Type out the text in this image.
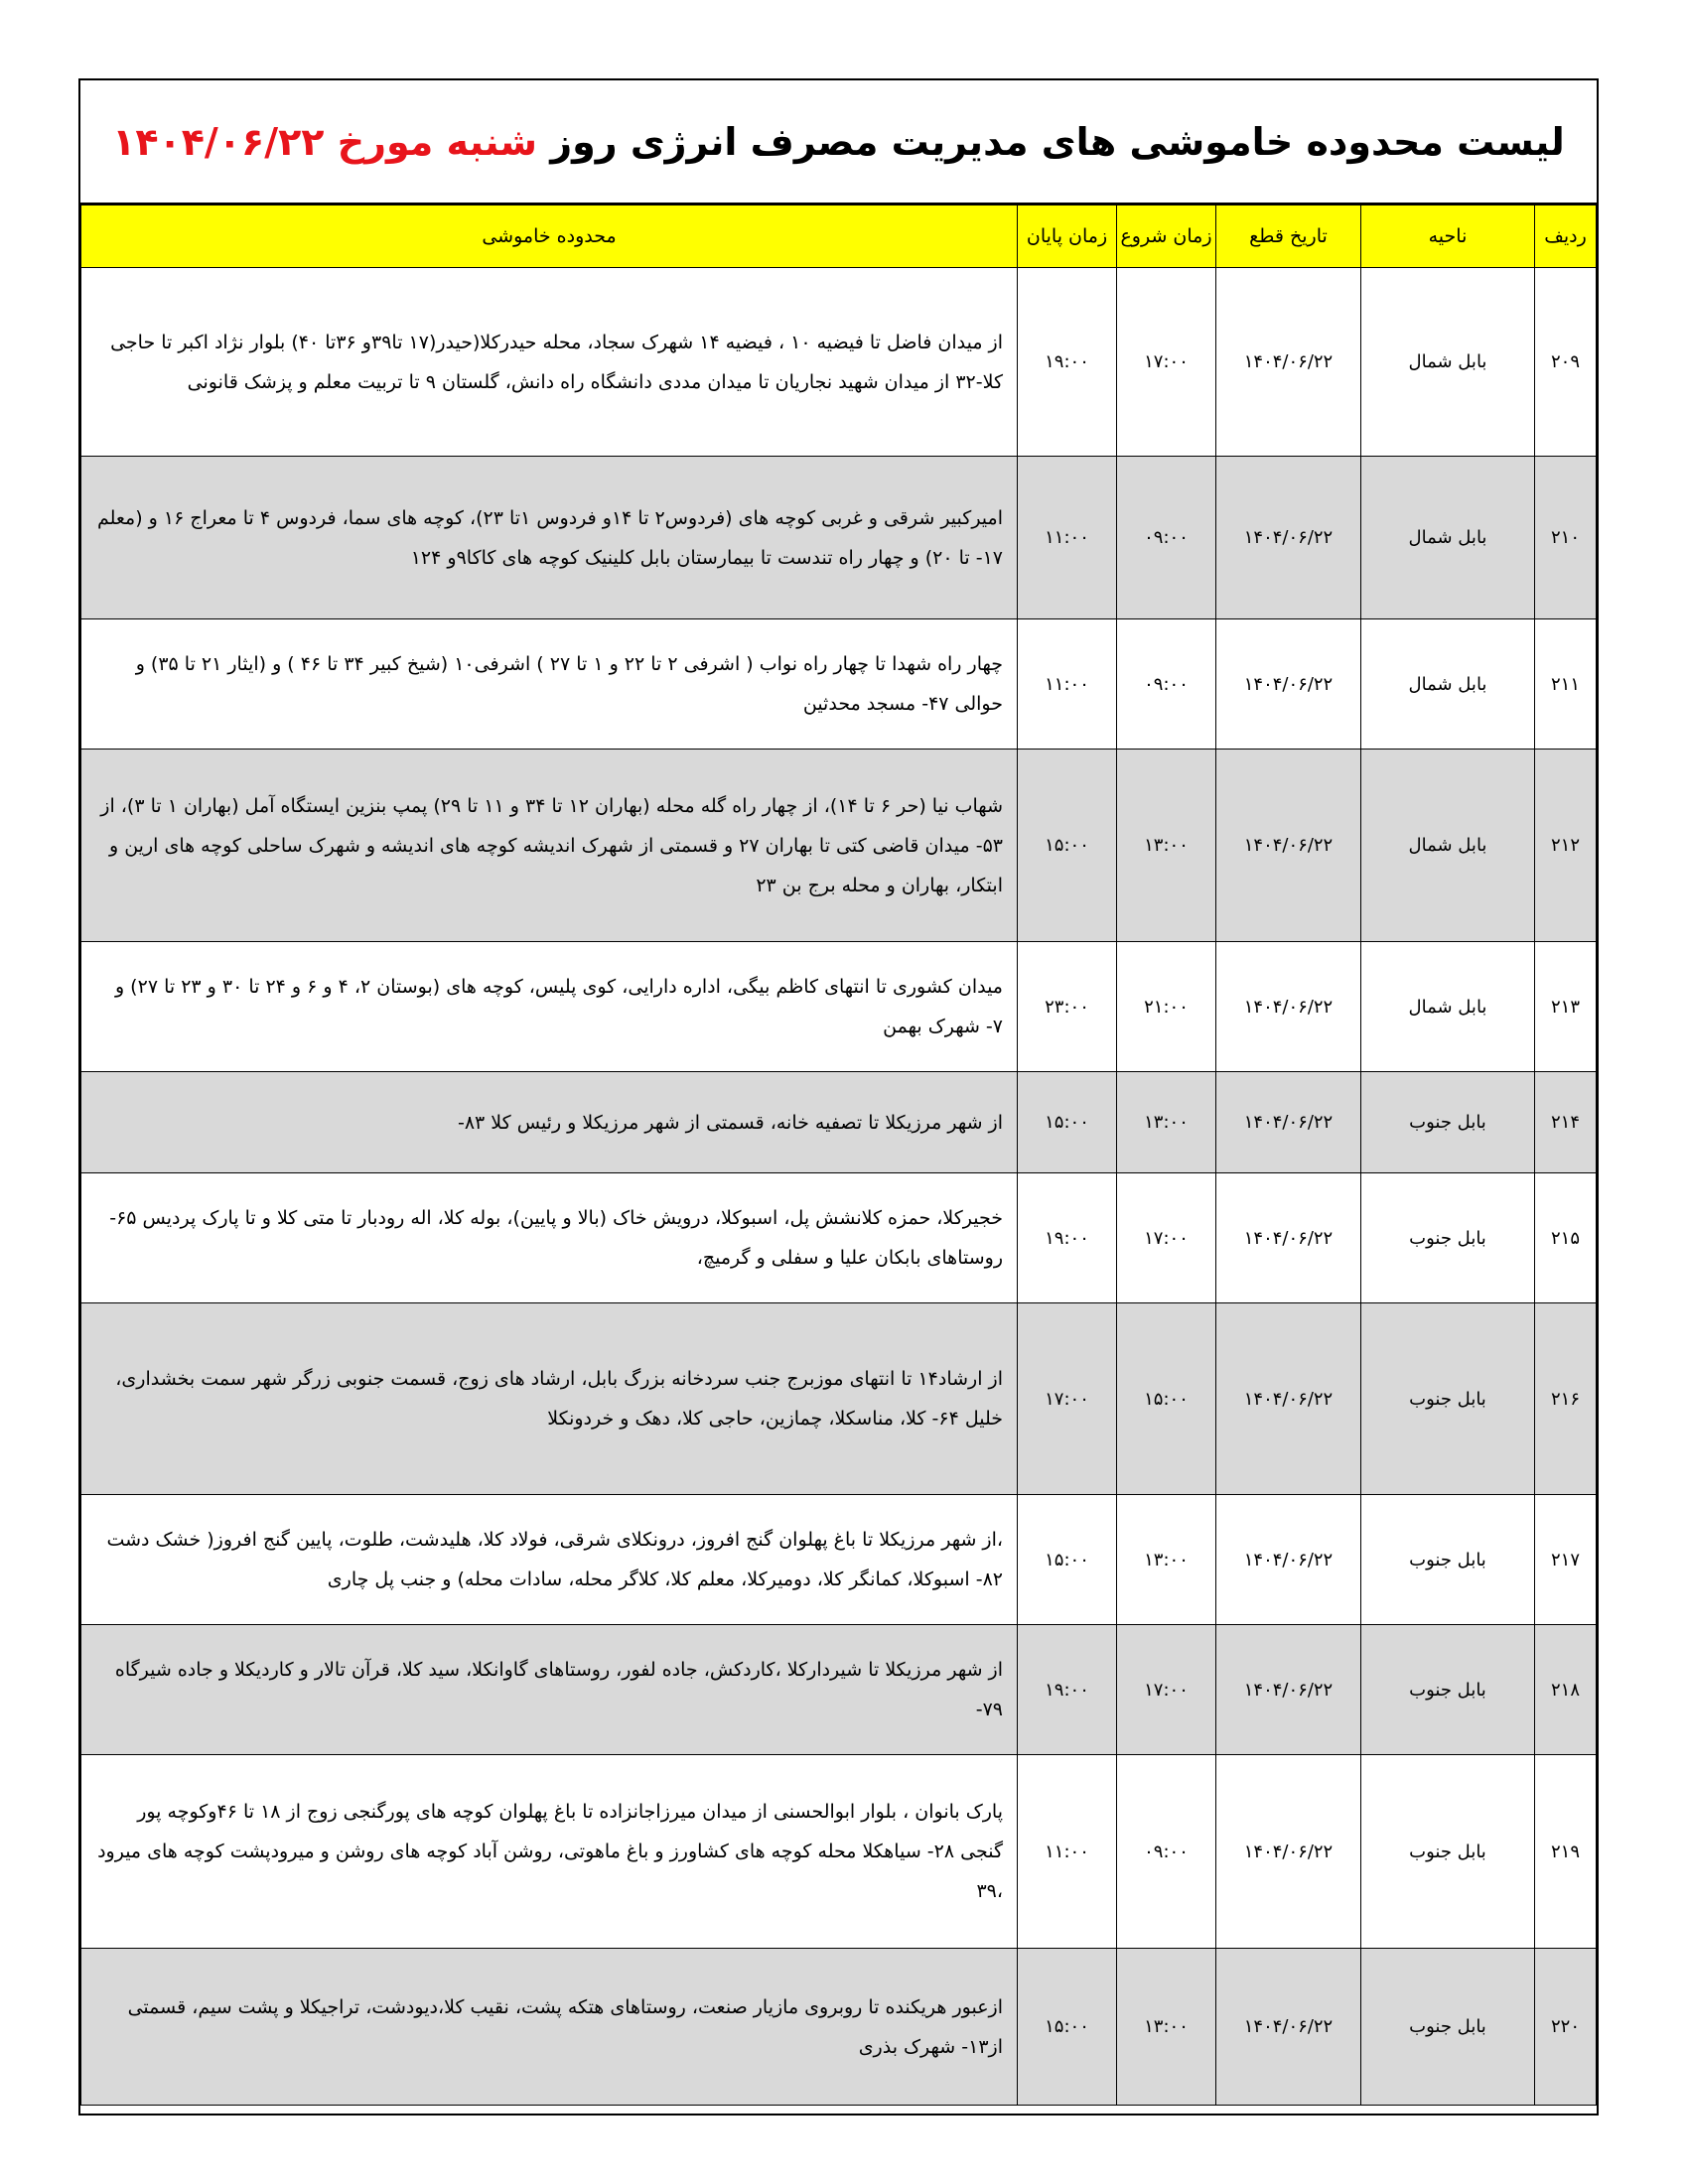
لیست محدوده خاموشی های مدیریت مصرف انرژی روز شنبه مورخ ۱۴۰۴/۰۶/۲۲
ردیف	ناحیه	تاریخ قطع	زمان شروع	زمان پایان	محدوده خاموشی
۲۰۹	بابل شمال	۱۴۰۴/۰۶/۲۲	۱۷:۰۰	۱۹:۰۰	از میدان فاضل تا فیضیه ۱۰ ، فیضیه ۱۴ شهرک سجاد، محله حیدرکلا(حیدر(۱۷ تا۳۹و ۳۶تا ۴۰) بلوار نژاد اکبر تا حاجی کلا-۳۲ از میدان شهید نجاریان تا میدان مددی دانشگاه راه دانش، گلستان ۹ تا تربیت معلم و پزشک قانونی
۲۱۰	بابل شمال	۱۴۰۴/۰۶/۲۲	۰۹:۰۰	۱۱:۰۰	امیرکبیر شرقی و غربی کوچه های (فردوس۲ تا ۱۴و فردوس ۱تا ۲۳)، کوچه های سما، فردوس ۴ تا معراج ۱۶ و (معلم ۱۷- تا ۲۰) و چهار راه تندست تا بیمارستان بابل کلینیک کوچه های کاکا۹و ۱۲۴
۲۱۱	بابل شمال	۱۴۰۴/۰۶/۲۲	۰۹:۰۰	۱۱:۰۰	چهار راه شهدا تا چهار راه نواب ( اشرفی ۲ تا ۲۲ و ۱ تا ۲۷ ) اشرفی۱۰ (شیخ کبیر ۳۴ تا ۴۶ ) و (ایثار ۲۱ تا ۳۵) و حوالی ۴۷- مسجد محدثین
۲۱۲	بابل شمال	۱۴۰۴/۰۶/۲۲	۱۳:۰۰	۱۵:۰۰	شهاب نیا (حر ۶ تا ۱۴)، از چهار راه گله محله (بهاران ۱۲ تا ۳۴ و ۱۱ تا ۲۹) پمپ بنزین ایستگاه آمل (بهاران ۱ تا ۳)، از ۵۳- میدان قاضی کتی تا بهاران ۲۷ و قسمتی از شهرک اندیشه کوچه های اندیشه و شهرک ساحلی کوچه های ارین و ابتکار، بهاران و محله برج بن ۲۳
۲۱۳	بابل شمال	۱۴۰۴/۰۶/۲۲	۲۱:۰۰	۲۳:۰۰	میدان کشوری تا انتهای کاظم بیگی، اداره دارایی، کوی پلیس، کوچه های (بوستان ۲، ۴ و ۶ و ۲۴ تا ۳۰ و ۲۳ تا ۲۷) و ۷- شهرک بهمن
۲۱۴	بابل جنوب	۱۴۰۴/۰۶/۲۲	۱۳:۰۰	۱۵:۰۰	از شهر مرزیکلا تا تصفیه خانه، قسمتی از شهر مرزیکلا و رئیس کلا ۸۳-
۲۱۵	بابل جنوب	۱۴۰۴/۰۶/۲۲	۱۷:۰۰	۱۹:۰۰	خجیرکلا، حمزه کلانشش پل، اسبوکلا، درویش خاک (بالا و پایین)، بوله کلا، اله رودبار تا متی کلا و تا پارک پردیس ۶۵- روستاهای بابکان علیا و سفلی و گرمیچ،
۲۱۶	بابل جنوب	۱۴۰۴/۰۶/۲۲	۱۵:۰۰	۱۷:۰۰	از ارشاد۱۴ تا انتهای موزبرج جنب سردخانه بزرگ بابل، ارشاد های زوج، قسمت جنوبی زرگر شهر سمت بخشداری، خلیل ۶۴- کلا، مناسکلا، چمازین، حاجی کلا، دهک و خردونکلا
۲۱۷	بابل جنوب	۱۴۰۴/۰۶/۲۲	۱۳:۰۰	۱۵:۰۰	،از شهر مرزیکلا تا باغ پهلوان گنج افروز، درونکلای شرقی، فولاد کلا، هلیدشت، طلوت، پایین گنج افروز( خشک دشت ۸۲- اسبوکلا، کمانگر کلا، دومیرکلا، معلم کلا، کلاگر محله، سادات محله) و جنب پل چاری
۲۱۸	بابل جنوب	۱۴۰۴/۰۶/۲۲	۱۷:۰۰	۱۹:۰۰	از شهر مرزیکلا تا شیردارکلا ،کاردکش، جاده لفور، روستاهای گاوانکلا، سید کلا، قرآن تالار و کاردیکلا و جاده شیرگاه ۷۹-
۲۱۹	بابل جنوب	۱۴۰۴/۰۶/۲۲	۰۹:۰۰	۱۱:۰۰	پارک بانوان ، بلوار ابوالحسنی از میدان میرزاجانزاده تا باغ پهلوان کوچه های پورگنجی زوج از ۱۸ تا ۴۶وکوچه پور گنجی ۲۸- سیاهکلا محله کوچه های کشاورز و باغ ماهوتی، روشن آباد کوچه های روشن و میرودپشت کوچه های میرود ،۳۹
۲۲۰	بابل جنوب	۱۴۰۴/۰۶/۲۲	۱۳:۰۰	۱۵:۰۰	ازعبور هریکنده تا روبروی مازیار صنعت، روستاهای هتکه پشت، نقیب کلا،دیودشت، تراجیکلا و پشت سیم، قسمتی از۱۳- شهرک بذری
